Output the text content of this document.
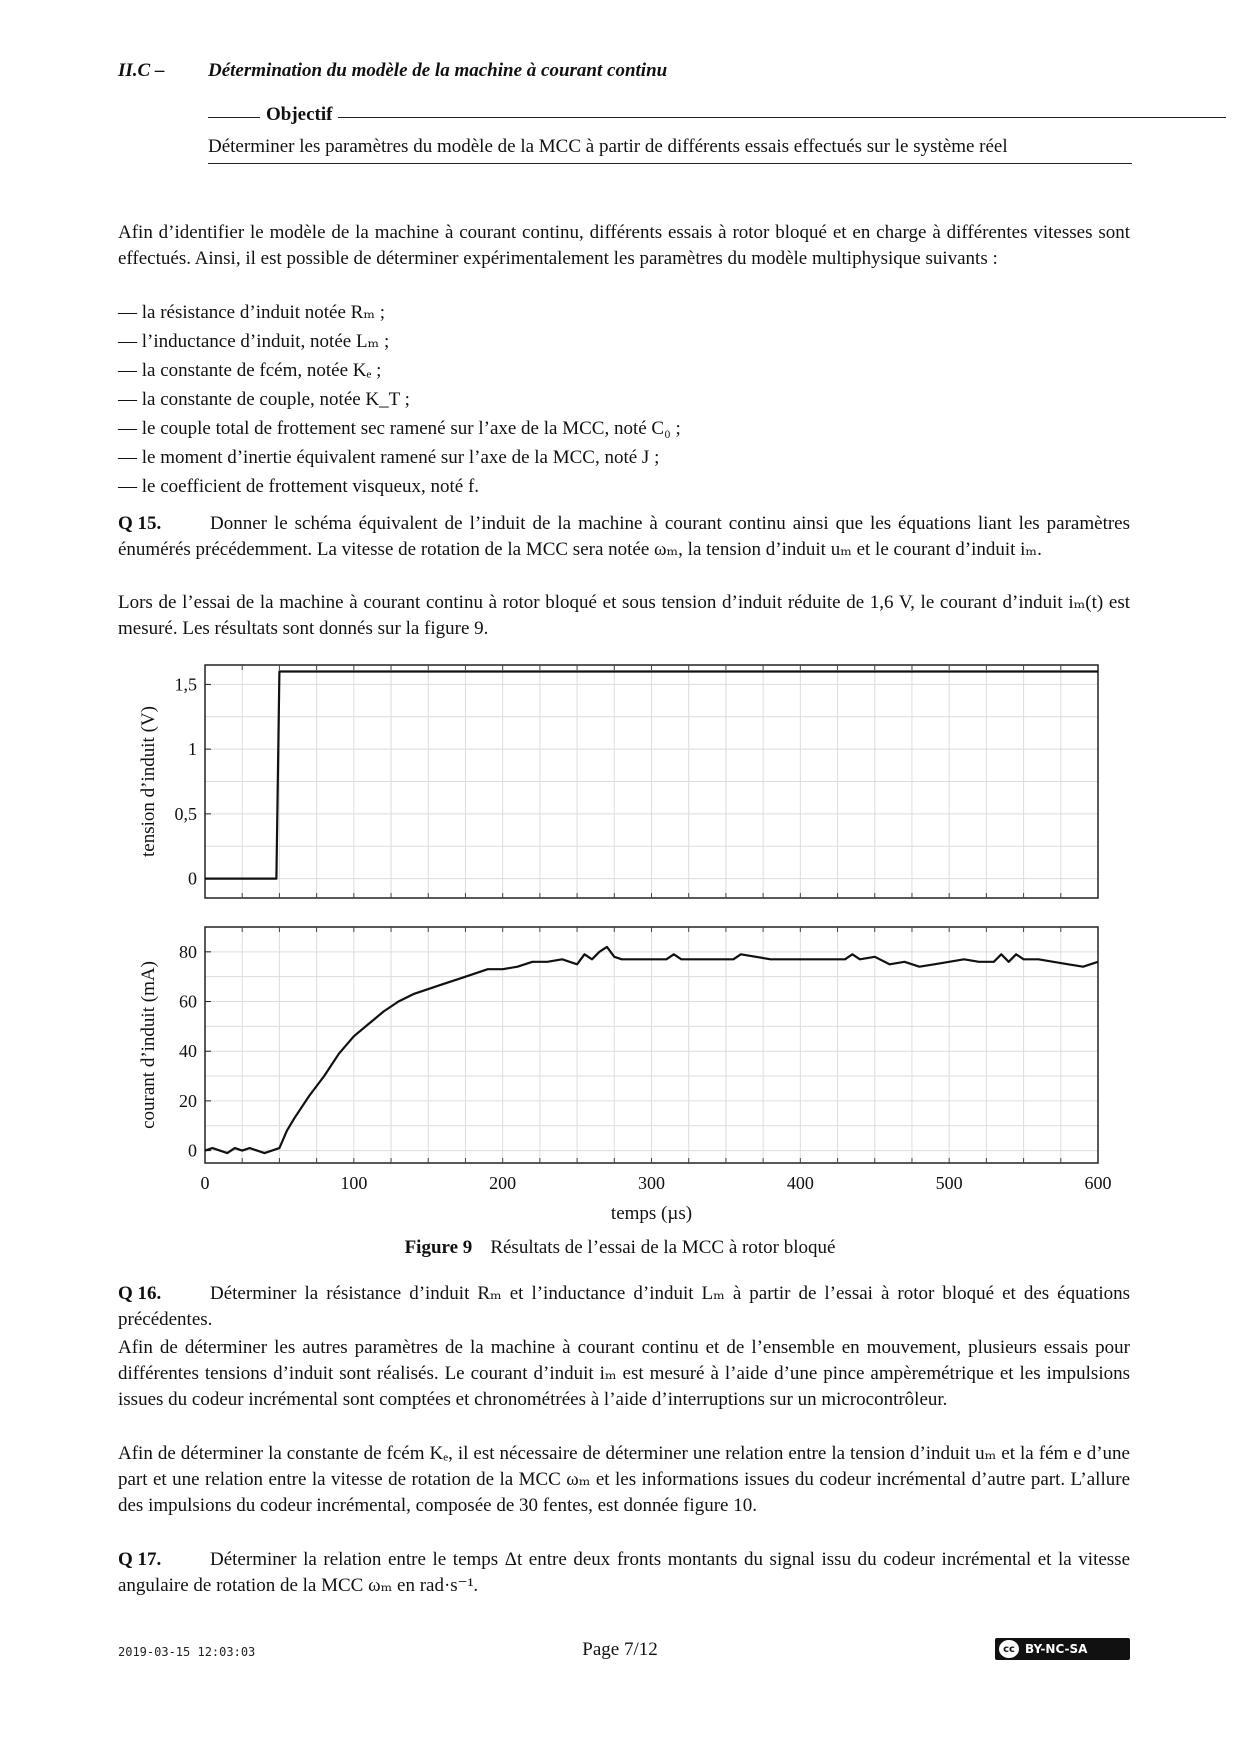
II.C – Détermination du modèle de la machine à courant continu
Objectif
Déterminer les paramètres du modèle de la MCC à partir de différents essais effectués sur le système réel
Afin d’identifier le modèle de la machine à courant continu, différents essais à rotor bloqué et en charge à différentes vitesses sont effectués. Ainsi, il est possible de déterminer expérimentalement les paramètres du modèle multiphysique suivants :
— la résistance d’induit notée Rₘ ;
— l’inductance d’induit, notée Lₘ ;
— la constante de fcém, notée Kₑ ;
— la constante de couple, notée K_T ;
— le couple total de frottement sec ramené sur l’axe de la MCC, noté C₀ ;
— le moment d’inertie équivalent ramené sur l’axe de la MCC, noté J ;
— le coefficient de frottement visqueux, noté f.
Q 15.	Donner le schéma équivalent de l’induit de la machine à courant continu ainsi que les équations liant les paramètres énumérés précédemment. La vitesse de rotation de la MCC sera notée ωₘ, la tension d’induit uₘ et le courant d’induit iₘ.
Lors de l’essai de la machine à courant continu à rotor bloqué et sous tension d’induit réduite de 1,6 V, le courant d’induit iₘ(t) est mesuré. Les résultats sont donnés sur la figure 9.
0
0,5
1
1,5
tension d’induit (V)
0
20
40
60
80
0	100	200	300	400	500	600
courant d’induit (mA)
temps (µs)
Figure 9 Résultats de l’essai de la MCC à rotor bloqué
Q 16.	Déterminer la résistance d’induit Rₘ et l’inductance d’induit Lₘ à partir de l’essai à rotor bloqué et des équations précédentes.
Afin de déterminer les autres paramètres de la machine à courant continu et de l’ensemble en mouvement, plusieurs essais pour différentes tensions d’induit sont réalisés. Le courant d’induit iₘ est mesuré à l’aide d’une pince ampèremétrique et les impulsions issues du codeur incrémental sont comptées et chronométrées à l’aide d’interruptions sur un microcontrôleur.
Afin de déterminer la constante de fcém Kₑ, il est nécessaire de déterminer une relation entre la tension d’induit uₘ et la fém e d’une part et une relation entre la vitesse de rotation de la MCC ωₘ et les informations issues du codeur incrémental d’autre part. L’allure des impulsions du codeur incrémental, composée de 30 fentes, est donnée figure 10.
Q 17.	Déterminer la relation entre le temps Δt entre deux fronts montants du signal issu du codeur incrémental et la vitesse angulaire de rotation de la MCC ωₘ en rad·s⁻¹.
2019-03-15 12:03:03	Page 7/12	cc BY-NC-SA
